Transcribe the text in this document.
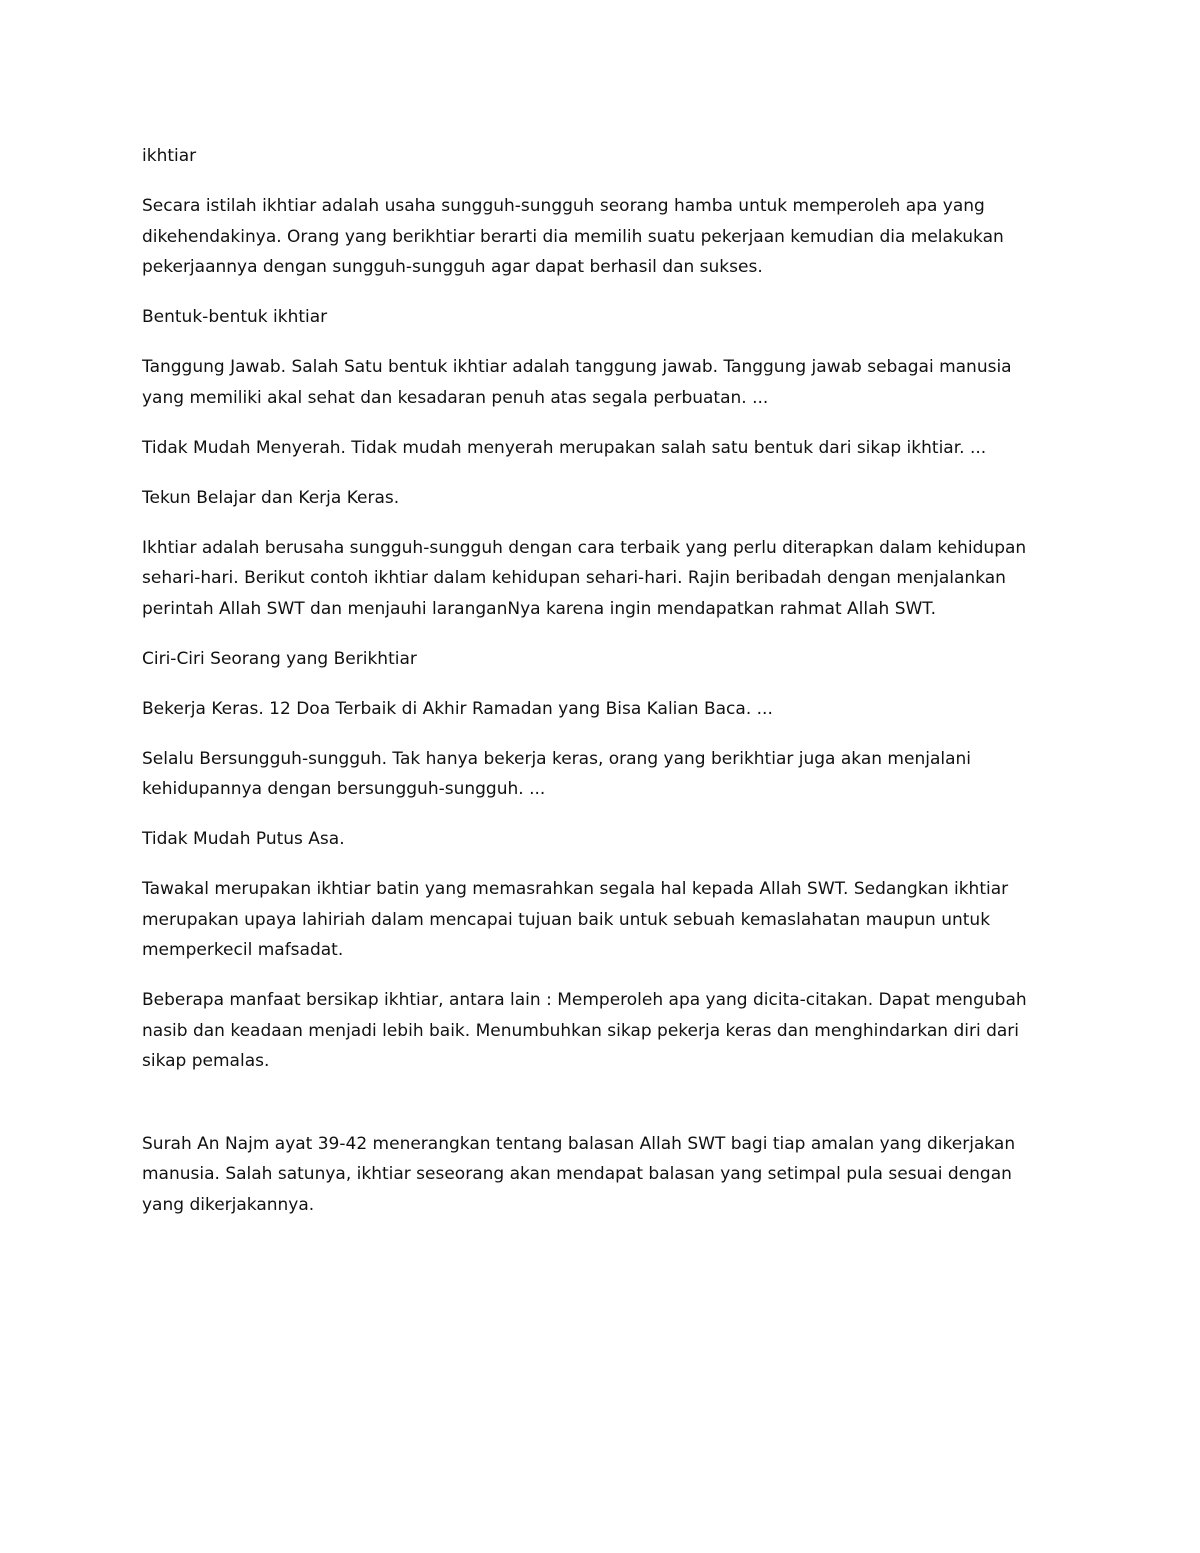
ikhtiar

Secara istilah ikhtiar adalah usaha sungguh-sungguh seorang hamba untuk memperoleh apa yang dikehendakinya. Orang yang berikhtiar berarti dia memilih suatu pekerjaan kemudian dia melakukan pekerjaannya dengan sungguh-sungguh agar dapat berhasil dan sukses.

Bentuk-bentuk ikhtiar

Tanggung Jawab. Salah Satu bentuk ikhtiar adalah tanggung jawab. Tanggung jawab sebagai manusia yang memiliki akal sehat dan kesadaran penuh atas segala perbuatan. ...

Tidak Mudah Menyerah. Tidak mudah menyerah merupakan salah satu bentuk dari sikap ikhtiar. ...

Tekun Belajar dan Kerja Keras.

Ikhtiar adalah berusaha sungguh-sungguh dengan cara terbaik yang perlu diterapkan dalam kehidupan sehari-hari. Berikut contoh ikhtiar dalam kehidupan sehari-hari. Rajin beribadah dengan menjalankan perintah Allah SWT dan menjauhi laranganNya karena ingin mendapatkan rahmat Allah SWT.

Ciri-Ciri Seorang yang Berikhtiar

Bekerja Keras. 12 Doa Terbaik di Akhir Ramadan yang Bisa Kalian Baca. ...

Selalu Bersungguh-sungguh. Tak hanya bekerja keras, orang yang berikhtiar juga akan menjalani kehidupannya dengan bersungguh-sungguh. ...

Tidak Mudah Putus Asa.

Tawakal merupakan ikhtiar batin yang memasrahkan segala hal kepada Allah SWT. Sedangkan ikhtiar merupakan upaya lahiriah dalam mencapai tujuan baik untuk sebuah kemaslahatan maupun untuk memperkecil mafsadat.

Beberapa manfaat bersikap ikhtiar, antara lain : Memperoleh apa yang dicita-citakan. Dapat mengubah nasib dan keadaan menjadi lebih baik. Menumbuhkan sikap pekerja keras dan menghindarkan diri dari sikap pemalas.

Surah An Najm ayat 39-42 menerangkan tentang balasan Allah SWT bagi tiap amalan yang dikerjakan manusia. Salah satunya, ikhtiar seseorang akan mendapat balasan yang setimpal pula sesuai dengan yang dikerjakannya.
